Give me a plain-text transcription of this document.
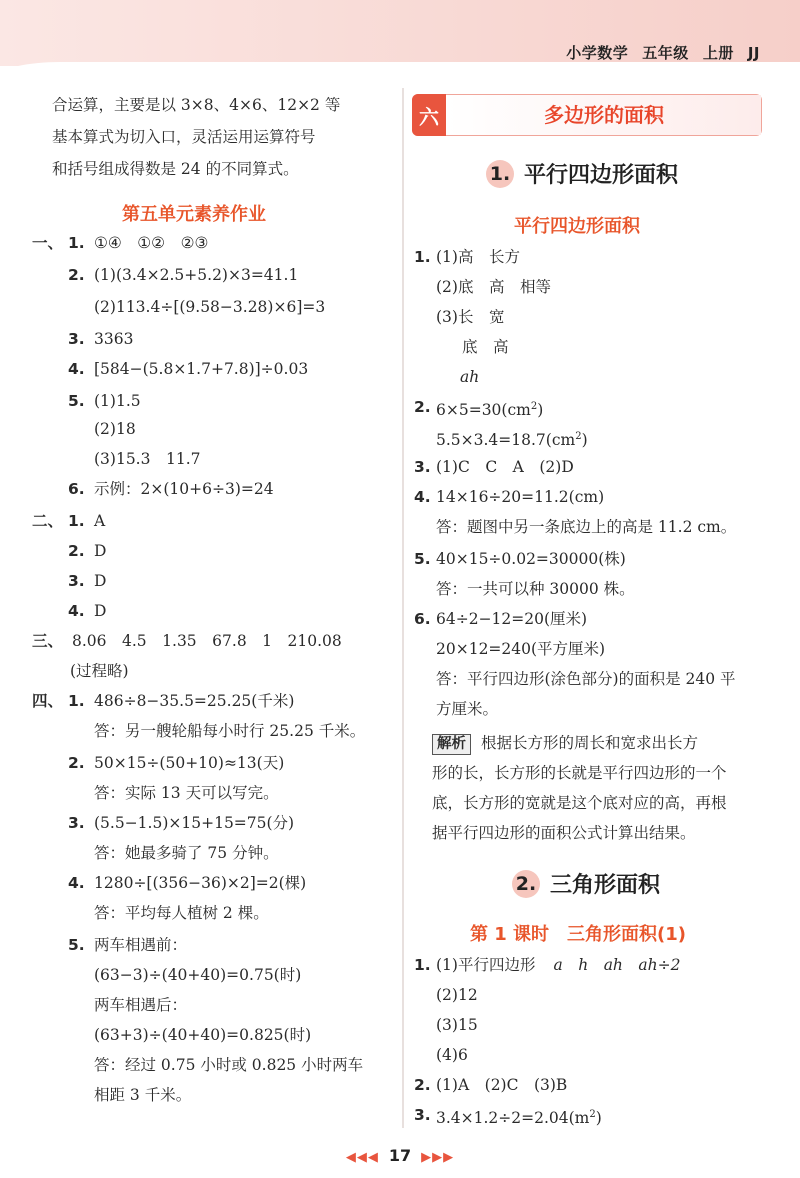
小学数学 五年级 上册 JJ
合运算，主要是以 3×8、4×6、12×2 等
基本算式为切入口，灵活运用运算符号
和括号组成得数是 24 的不同算式。
第五单元素养作业
一、 1. ①④　①②　②③
2. (1)(3.4×2.5+5.2)×3=41.1
(2)113.4÷[(9.58−3.28)×6]=3
3. 3363
4. [584−(5.8×1.7+7.8)]÷0.03
5. (1)1.5
(2)18
(3)15.3　11.7
6. 示例：2×(10+6÷3)=24
二、 1. A
2. D
3. D
4. D
三、 8.06　4.5　1.35　67.8　1　210.08
(过程略)
四、 1. 486÷8−35.5=25.25(千米)
答：另一艘轮船每小时行 25.25 千米。
2. 50×15÷(50+10)≈13(天)
答：实际 13 天可以写完。
3. (5.5−1.5)×15+15=75(分)
答：她最多骑了 75 分钟。
4. 1280÷[(356−36)×2]=2(棵)
答：平均每人植树 2 棵。
5. 两车相遇前：
(63−3)÷(40+40)=0.75(时)
两车相遇后：
(63+3)÷(40+40)=0.825(时)
答：经过 0.75 小时或 0.825 小时两车
相距 3 千米。
六	多边形的面积
1. 平行四边形面积
平行四边形面积
1. (1)高　长方
(2)底　高　相等
(3)长　宽
底　高
ah
2. $6\times 5=30(cm^2)$
$5.5\times 3.4=18.7(cm^2)$
3. (1)C　C　A　(2)D
4. 14×16÷20=11.2(cm)
答：题图中另一条底边上的高是 11.2 cm。
5. 40×15÷0.02=30000(株)
答：一共可以种 30000 株。
6. 64÷2−12=20(厘米)
20×12=240(平方厘米)
答：平行四边形(涂色部分)的面积是 240 平
方厘米。
解析 根据长方形的周长和宽求出长方
形的长，长方形的长就是平行四边形的一个
底，长方形的宽就是这个底对应的高，再根
据平行四边形的面积公式计算出结果。
2. 三角形面积
第 1 课时　三角形面积(1)
1. (1)平行四边形 a　h　ah　ah÷2
(2)12
(3)15
(4)6
2. (1)A　(2)C　(3)B
3. $3.4\times 1.2\div 2=2.04(m^2)$
◀◀◀ 17 ▶▶▶
